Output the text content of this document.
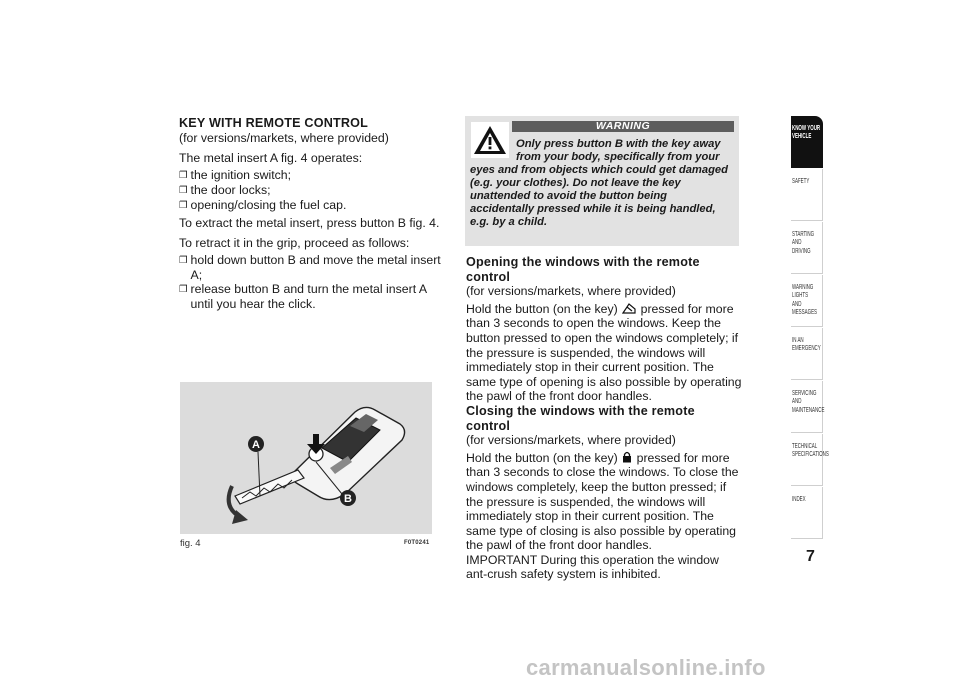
KEY WITH REMOTE CONTROL

(for versions/markets, where provided)

The metal insert A fig. 4 operates:

❒ the ignition switch;
❒ the door locks;
❒ opening/closing the fuel cap.

To extract the metal insert, press button B fig. 4.

To retract it in the grip, proceed as follows:

❒ hold down button B and move the metal insert A;
❒ release button B and turn the metal insert A until you hear the click.
A
B
fig. 4	F0T0241
WARNING
Only press button B with the key away from your body, specifically from your eyes and from objects which could get damaged (e.g. your clothes). Do not leave the key unattended to avoid the button being accidentally pressed while it is being handled, e.g. by a child.
Opening the windows with the remote control

(for versions/markets, where provided)

Hold the button (on the key) pressed for more than 3 seconds to open the windows. Keep the button pressed to open the windows completely; if the pressure is suspended, the windows will immediately stop in their current position. The same type of opening is also possible by operating the pawl of the front door handles.

Closing the windows with the remote control

(for versions/markets, where provided)

Hold the button (on the key) pressed for more than 3 seconds to close the windows. To close the windows completely, keep the button pressed; if the pressure is suspended, the windows will immediately stop in their current position. The same type of closing is also possible by operating the pawl of the front door handles.

IMPORTANT During this operation the window ant-crush safety system is inhibited.

KNOW YOUR
VEHICLE
SAFETY
STARTING AND
DRIVING
WARNING LIGHTS
AND MESSAGES
IN AN EMERGENCY
SERVICING AND
MAINTENANCE
TECHNICAL
SPECIFICATIONS
INDEX
7
carmanualsonline.info
